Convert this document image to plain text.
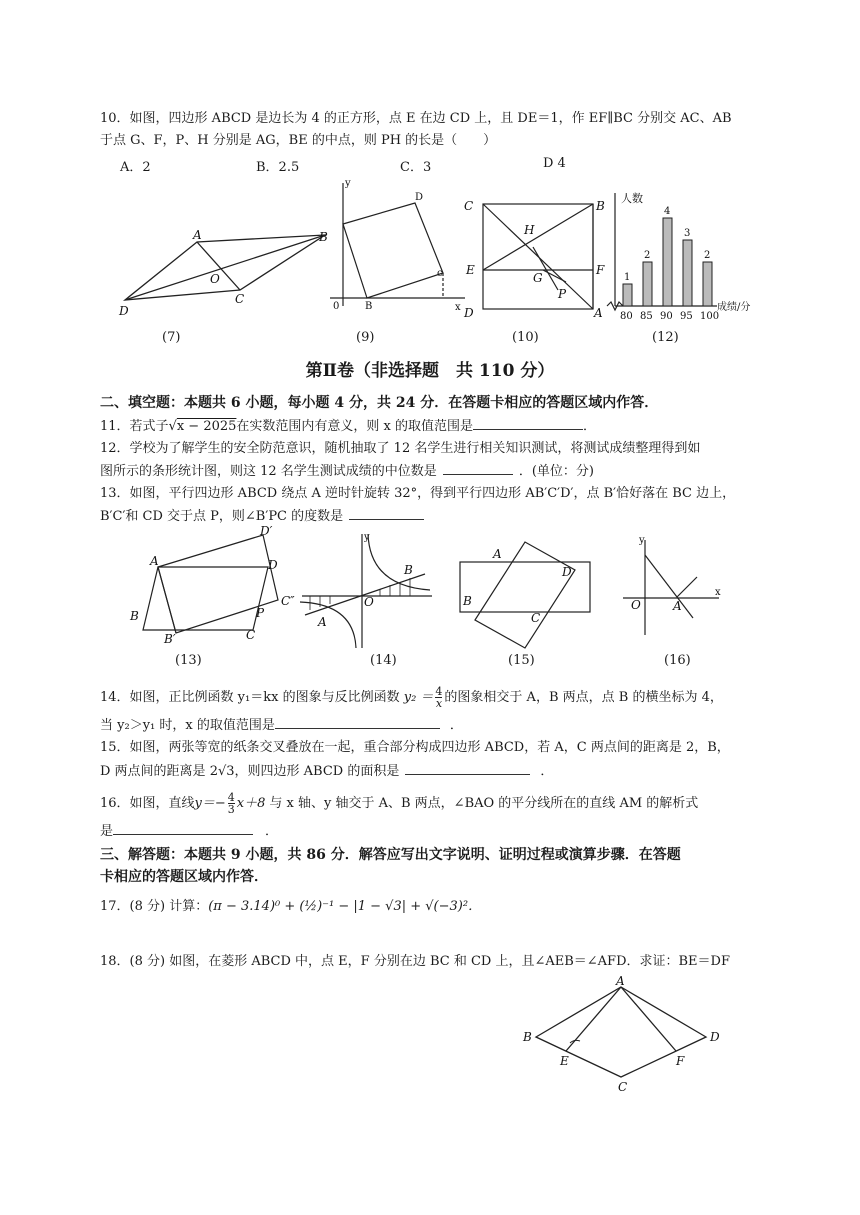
10．如图，四边形 ABCD 是边长为 4 的正方形，点 E 在边 CD 上，且 DE＝1，作 EF∥BC 分别交 AC、AB
于点 G、F，P、H 分别是 AG，BE 的中点，则 PH 的长是（　　）
A．2	B．2.5	C．3	D 4
A	B
C
D
O
y
D
c
B
0	x
C	B
E	F
H
G
P
D	A
人数
成绩/分
1
80
2
85
4
90
3
95
2
100
(7)	(9)	(10)	(12)
第Ⅱ卷（非选择题　共 110 分）
二、填空题：本题共 6 小题，每小题 4 分，共 24 分．在答题卡相应的答题区域内作答．
11．若式子√x − 2025在实数范围内有意义，则 x 的取值范围是	．
12．学校为了解学生的安全防范意识，随机抽取了 12 名学生进行相关知识测试，将测试成绩整理得到如
图所示的条形统计图，则这 12 名学生测试成绩的中位数是	．(单位：分)
13．如图，平行四边形 ABCD 绕点 A 逆时针旋转 32°，得到平行四边形 AB′C′D′，点 B′恰好落在 BC 边上，
B′C′和 CD 交于点 P，则∠B′PC 的度数是
A
D′
D
C″
B
B′	C
P
y
O
B
A
A
D
B
C
y
O	A
x
(13)	(14)	(15)	(16)
14．如图，正比例函数 y₁＝kx 的图象与反比例函数 $y_2 = \frac{4}{x}$ 的图象相交于 A，B 两点，点 B 的横坐标为 4，
当 y₂＞y₁ 时，x 的取值范围是	．
15．如图，两张等宽的纸条交叉叠放在一起，重合部分构成四边形 ABCD，若 A，C 两点间的距离是 2，B，
D 两点间的距离是 2√3，则四边形 ABCD 的面积是	．
16．如图，直线$y=- \frac{4}{3} x+8$ 与 x 轴、y 轴交于 A、B 两点，∠BAO 的平分线所在的直线 AM 的解析式
是	．
三、解答题：本题共 9 小题，共 86 分．解答应写出文字说明、证明过程或演算步骤．在答题
卡相应的答题区域内作答．
17．(8 分) 计算：(π − 3.14)⁰ + (½)⁻¹ − |1 − √3| + √(−3)²．
18．(8 分) 如图，在菱形 ABCD 中，点 E，F 分别在边 BC 和 CD 上，且∠AEB＝∠AFD．求证：BE＝DF
A
B	D
C
E	F
